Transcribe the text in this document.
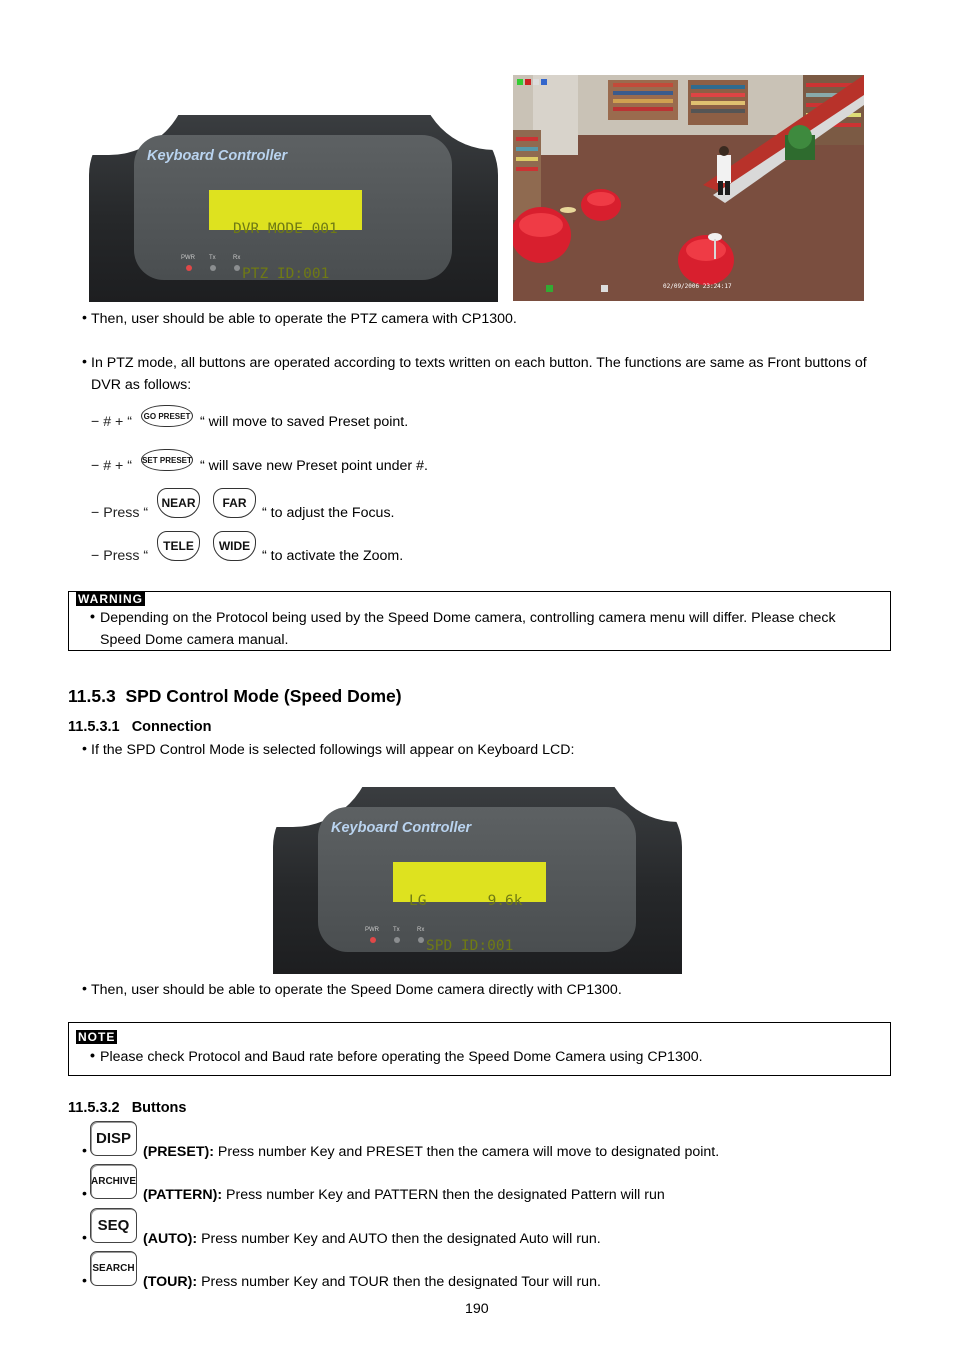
Keyboard Controller

DVR MODE 001

PTZ ID:001

PWR Tx	Rx
02/09/2006 23:24:17
• Then, user should be able to operate the PTZ camera with CP1300.
• In PTZ mode, all buttons are operated according to texts written on each button. The functions are same as Front buttons of
DVR as follows:
− # + “	GO PRESET “ will move to saved Preset point.
− # + “ SET PRESET “ will save new Preset point under #.
− Press “
NEAR	FAR
“ to adjust the Focus.
− Press “
TELE	WIDE
“ to activate the Zoom.
WARNING
• Depending on the Protocol being used by the Speed Dome camera, controlling camera menu will differ. Please check
Speed Dome camera manual.
11.5.3 SPD Control Mode (Speed Dome)
11.5.3.1 Connection
• If the SPD Control Mode is selected followings will appear on Keyboard LCD:
Keyboard Controller

LG       9.6k

SPD ID:001

PWR Tx	Rx
• Then, user should be able to operate the Speed Dome camera directly with CP1300.
NOTE
• Please check Protocol and Baud rate before operating the Speed Dome Camera using CP1300.
11.5.3.2 Buttons
•
DISP
(PRESET): Press number Key and PRESET then the camera will move to designated point.
•
ARCHIVE
(PATTERN): Press number Key and PATTERN then the designated Pattern will run
•
SEQ
(AUTO): Press number Key and AUTO then the designated Auto will run.
•
SEARCH
(TOUR): Press number Key and TOUR then the designated Tour will run.
190
